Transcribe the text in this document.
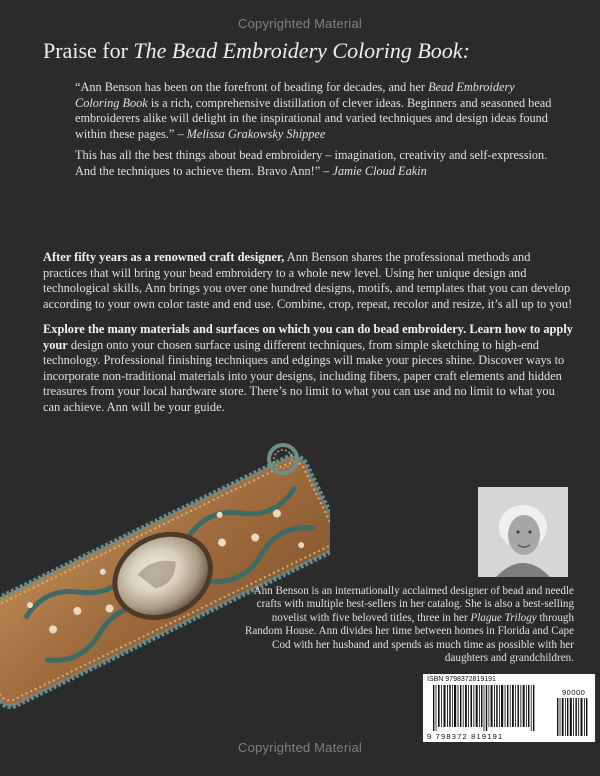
Copyrighted Material
Praise for The Bead Embroidery Coloring Book:
“Ann Benson has been on the forefront of beading for decades, and her Bead Embroidery Coloring Book is a rich, comprehensive distillation of clever ideas. Beginners and seasoned bead embroiderers alike will delight in the inspirational and varied techniques and design ideas found within these pages.” – Melissa Grakowsky Shippee
This has all the best things about bead embroidery – imagination, creativity and self-expression. And the techniques to achieve them. Bravo Ann!” – Jamie Cloud Eakin
After fifty years as a renowned craft designer, Ann Benson shares the professional methods and practices that will bring your bead embroidery to a whole new level. Using her unique design and technological skills, Ann brings you over one hundred designs, motifs, and templates that you can develop according to your own color taste and end use. Combine, crop, repeat, recolor and resize, it’s all up to you!
Explore the many materials and surfaces on which you can do bead embroidery. Learn how to apply your design onto your chosen surface using different techniques, from simple sketching to high-end technology. Professional finishing techniques and edgings will make your pieces shine. Discover ways to incorporate non-traditional materials into your designs, including fibers, paper craft elements and hidden treasures from your local hardware store. There’s no limit to what you can use and no limit to what you can achieve. Ann will be your guide.
Ann Benson is an internationally acclaimed designer of bead and needle crafts with multiple best-sellers in her catalog. She is also a best-selling novelist with five beloved titles, three in her Plague Trilogy through Random House. Ann divides her time between homes in Florida and Cape Cod with her husband and spends as much time as possible with her daughters and grandchildren.
ISBN 9798372819191
90000
9 798372 819191
Copyrighted Material
